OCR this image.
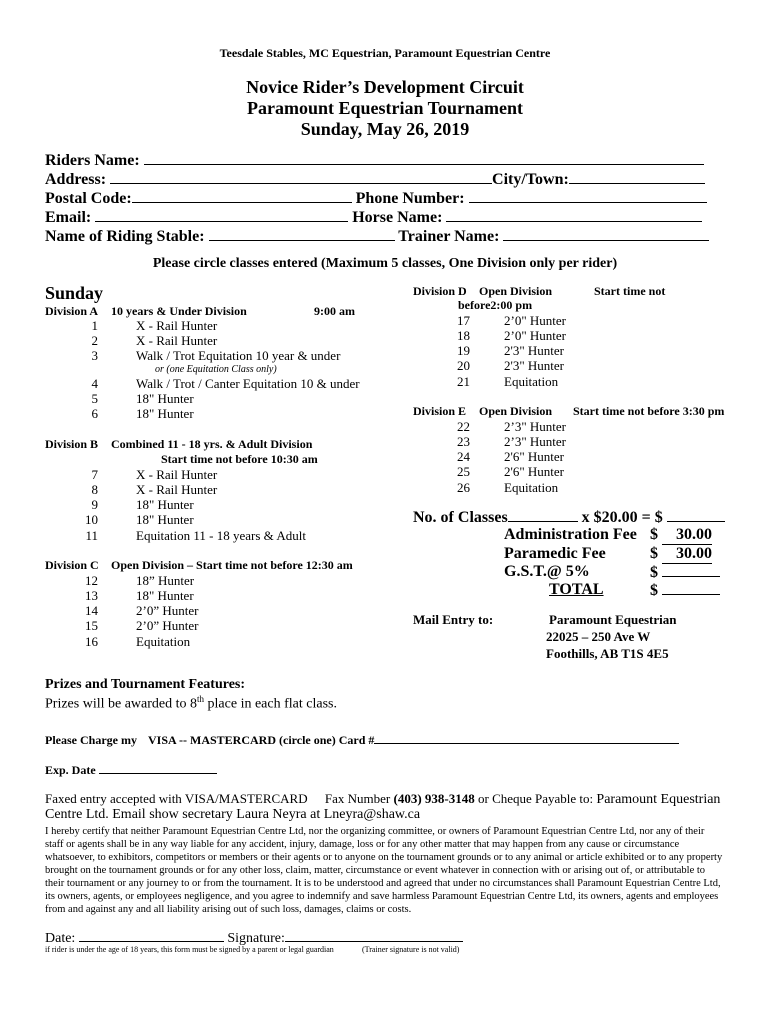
Teesdale Stables, MC Equestrian, Paramount Equestrian Centre
Novice Rider’s Development Circuit
Paramount Equestrian Tournament
Sunday, May 26, 2019
Riders Name:
Address:	City/Town:
Postal Code:	Phone Number:
Email:	Horse Name:
Name of Riding Stable:	Trainer Name:
Please circle classes entered (Maximum 5 classes, One Division only per rider)
Sunday
Division A 10 years & Under Division	9:00 am
1	X - Rail Hunter
2	X - Rail Hunter
3	Walk / Trot Equitation 10 year & under
or (one Equitation Class only)
4	Walk / Trot / Canter Equitation 10 & under
5	18" Hunter
6	18" Hunter
Division B Combined 11 - 18 yrs. & Adult Division
Start time not before 10:30 am
7	X - Rail Hunter
8	X - Rail Hunter
9	18" Hunter
10	18" Hunter
11	Equitation 11 - 18 years & Adult
Division C Open Division – Start time not before 12:30 am
12	18” Hunter
13	18" Hunter
14	2’0” Hunter
15	2’0” Hunter
16	Equitation
Division D Open Division	Start time not
before2:00 pm
17	2’0" Hunter
18	2’0" Hunter
19	2'3" Hunter
20	2'3" Hunter
21	Equitation
Division E Open Division Start time not before 3:30 pm
22	2’3" Hunter
23	2’3" Hunter
24	2'6" Hunter
25	2'6" Hunter
26	Equitation
No. of Classes	x $20.00 = $
Administration Fee $ 30.00
Paramedic Fee	$ 30.00
G.S.T.@ 5%	$
TOTAL	$
Mail Entry to:	Paramount Equestrian
22025 – 250 Ave W
Foothills, AB T1S 4E5
Prizes and Tournament Features:
Prizes will be awarded to 8th place in each flat class.
Please Charge my VISA -- MASTERCARD (circle one) Card #
Exp. Date
Faxed entry accepted with VISA/MASTERCARD Fax Number (403) 938-3148 or Cheque Payable to: Paramount Equestrian
Centre Ltd. Email show secretary Laura Neyra at Lneyra@shaw.ca
I hereby certify that neither Paramount Equestrian Centre Ltd, nor the organizing committee, or owners of Paramount Equestrian Centre Ltd, nor any of their staff or agents shall be in any way liable for any accident, injury, damage, loss or for any other matter that may happen from any cause or circumstance whatsoever, to exhibitors, competitors or members or their agents or to anyone on the tournament grounds or to any animal or article exhibited or to any property brought on the tournament grounds or for any other loss, claim, matter, circumstance or event whatever in connection with or arising out of, or attributable to their tournament or any journey to or from the tournament. It is to be understood and agreed that under no circumstances shall Paramount Equestrian Centre Ltd, its owners, agents, or employees negligence, and you agree to indemnify and save harmless Paramount Equestrian Centre Ltd, its owners, agents and employees from and against any and all liability arising out of such loss, damages, claims or costs.
Date:	Signature:
if rider is under the age of 18 years, this form must be signed by a parent or legal guardian	(Trainer signature is not valid)
